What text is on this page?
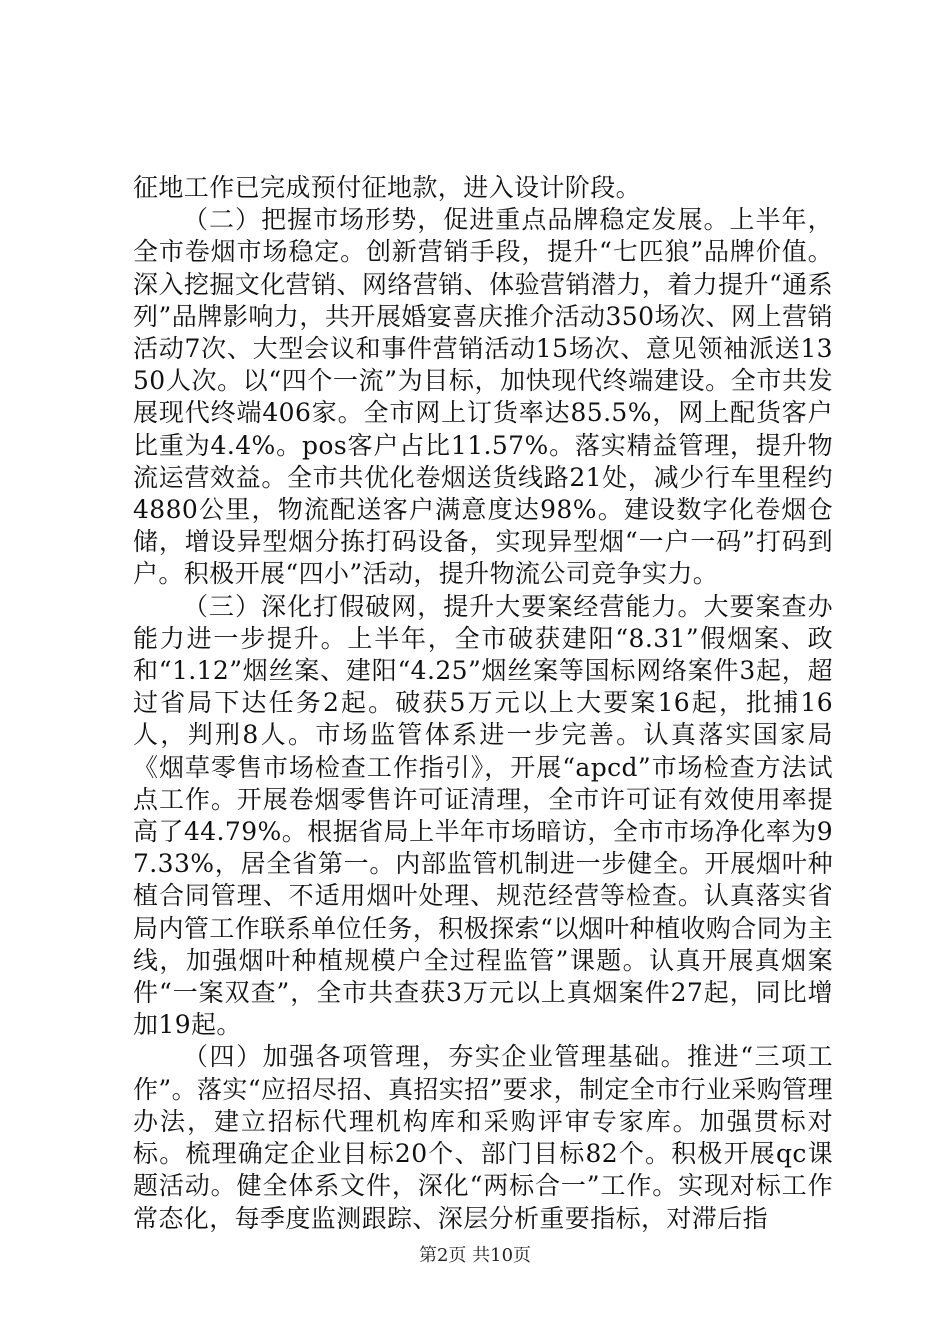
征地工作已完成预付征地款，进入设计阶段。

（二）把握市场形势，促进重点品牌稳定发展。上半年，全市卷烟市场稳定。创新营销手段，提升“七匹狼”品牌价值。深入挖掘文化营销、网络营销、体验营销潜力，着力提升“通系列”品牌影响力，共开展婚宴喜庆推介活动350场次、网上营销活动7次、大型会议和事件营销活动15场次、意见领袖派送1350人次。以“四个一流”为目标，加快现代终端建设。全市共发展现代终端406家。全市网上订货率达85.5%，网上配货客户比重为4.4%。pos客户占比11.57%。落实精益管理，提升物流运营效益。全市共优化卷烟送货线路21处，减少行车里程约4880公里，物流配送客户满意度达98%。建设数字化卷烟仓储，增设异型烟分拣打码设备，实现异型烟“一户一码”打码到户。积极开展“四小”活动，提升物流公司竞争实力。

（三）深化打假破网，提升大要案经营能力。大要案查办能力进一步提升。上半年，全市破获建阳“8.31”假烟案、政和“1.12”烟丝案、建阳“4.25”烟丝案等国标网络案件3起，超过省局下达任务2起。破获5万元以上大要案16起，批捕16人，判刑8人。市场监管体系进一步完善。认真落实国家局《烟草零售市场检查工作指引》，开展“apcd”市场检查方法试点工作。开展卷烟零售许可证清理，全市许可证有效使用率提高了44.79%。根据省局上半年市场暗访，全市市场净化率为97.33%，居全省第一。内部监管机制进一步健全。开展烟叶种植合同管理、不适用烟叶处理、规范经营等检查。认真落实省局内管工作联系单位任务，积极探索“以烟叶种植收购合同为主线，加强烟叶种植规模户全过程监管”课题。认真开展真烟案件“一案双查”，全市共查获3万元以上真烟案件27起，同比增加19起。

（四）加强各项管理，夯实企业管理基础。推进“三项工作”。落实“应招尽招、真招实招”要求，制定全市行业采购管理办法，建立招标代理机构库和采购评审专家库。加强贯标对标。梳理确定企业目标20个、部门目标82个。积极开展qc课题活动。健全体系文件，深化“两标合一”工作。实现对标工作常态化，每季度监测跟踪、深层分析重要指标，对滞后指

第2页 共10页
